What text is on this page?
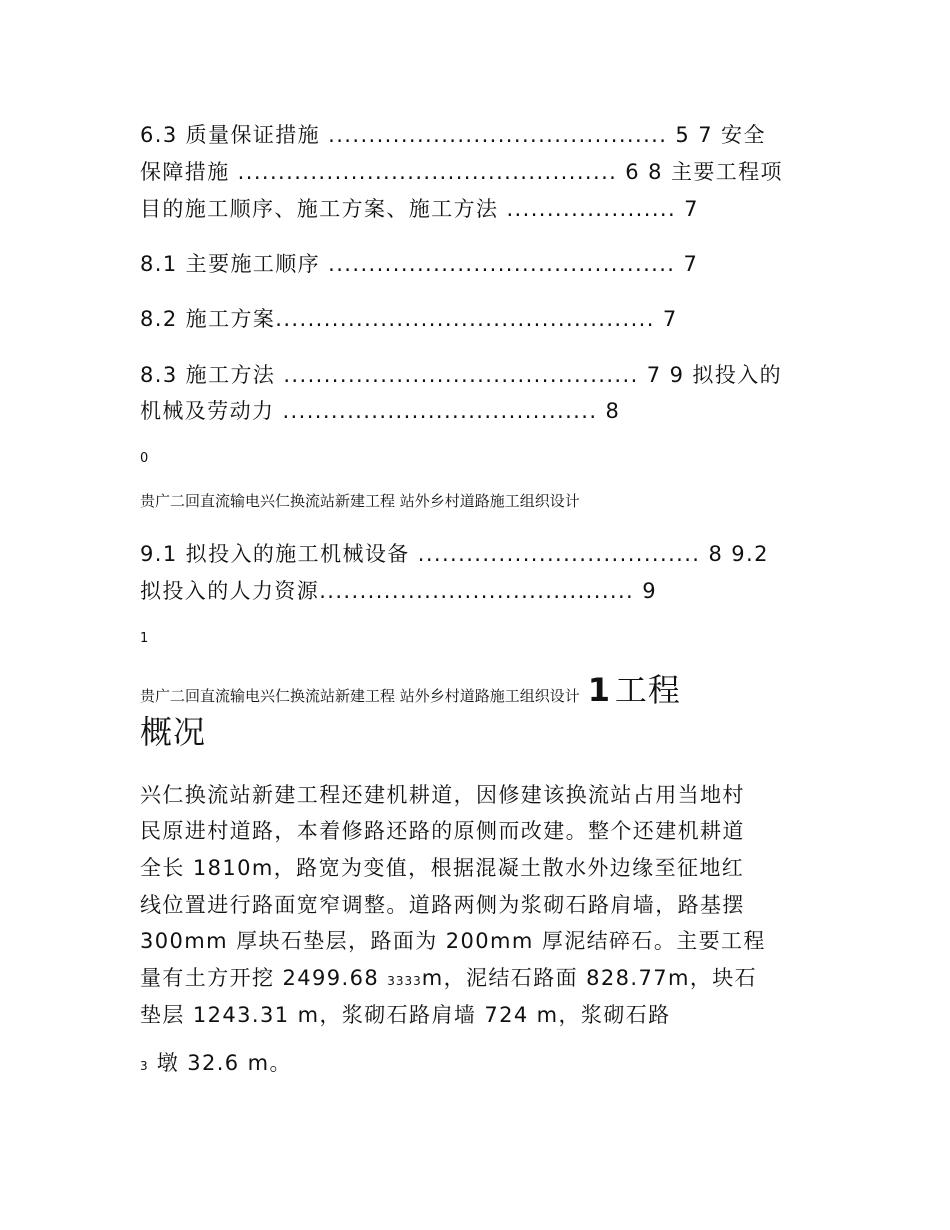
6.3 质量保证措施 .......................................... 5 7 安全
保障措施 ............................................... 6 8 主要工程项
目的施工顺序、施工方案、施工方法 ..................... 7
8.1 主要施工顺序 ........................................... 7
8.2 施工方案............................................... 7
8.3 施工方法 ............................................ 7 9 拟投入的
机械及劳动力 ....................................... 8
0
贵广二回直流输电兴仁换流站新建工程 站外乡村道路施工组织设计
9.1 拟投入的施工机械设备 ................................... 8 9.2
拟投入的人力资源....................................... 9
1
贵广二回直流输电兴仁换流站新建工程 站外乡村道路施工组织设计 1 工程
概况
兴仁换流站新建工程还建机耕道，因修建该换流站占用当地村
民原进村道路，本着修路还路的原侧而改建。整个还建机耕道
全长 1810m，路宽为变值，根据混凝土散水外边缘至征地红
线位置进行路面宽窄调整。道路两侧为浆砌石路肩墙，路基摆
300mm 厚块石垫层，路面为 200mm 厚泥结碎石。主要工程
量有土方开挖 2499.68 3333m，泥结石路面 828.77m，块石
垫层 1243.31 m，浆砌石路肩墙 724 m，浆砌石路
3 墩 32.6 m。
